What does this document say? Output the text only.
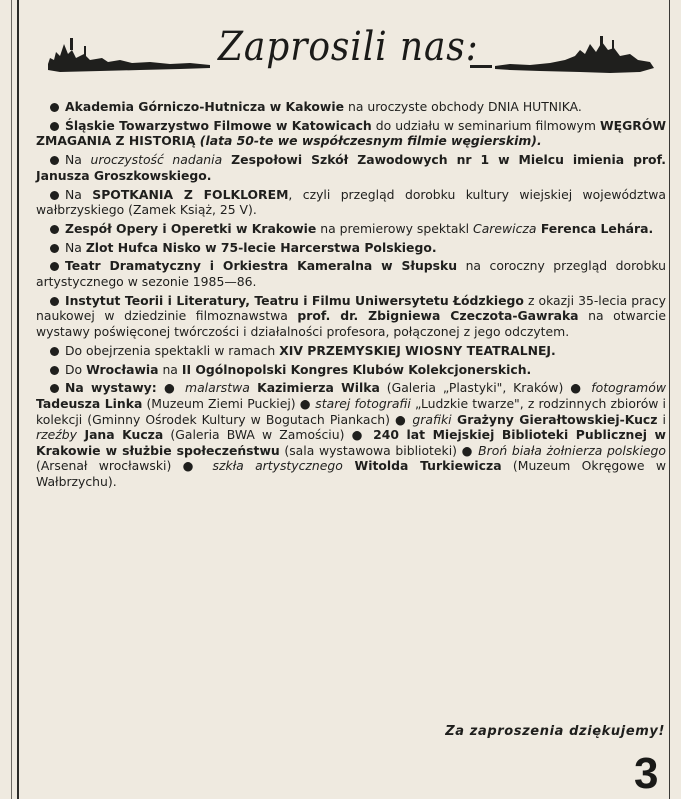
Zaprosili nas:

Akademia Górniczo-Hutnicza w Kakowie na uroczyste obchody DNIA HUTNIKA.

Śląskie Towarzystwo Filmowe w Katowicach do udziału w seminarium filmowym WĘGRÓW ZMAGANIA Z HISTORIĄ (lata 50-te we współczesnym filmie węgierskim).

Na uroczystość nadania Zespołowi Szkół Zawodowych nr 1 w Mielcu imienia prof. Janusza Groszkowskiego.

Na SPOTKANIA Z FOLKLOREM, czyli przegląd dorobku kultury wiejskiej województwa wałbrzyskiego (Zamek Książ, 25 V).

Zespół Opery i Operetki w Krakowie na premierowy spektakl Carewicza Ferenca Lehára.

Na Zlot Hufca Nisko w 75-lecie Harcerstwa Polskiego.

Teatr Dramatyczny i Orkiestra Kameralna w Słupsku na coroczny przegląd dorobku artystycznego w sezonie 1985—86.

Instytut Teorii i Literatury, Teatru i Filmu Uniwersytetu Łódzkiego z okazji 35-lecia pracy naukowej w dziedzinie filmoznawstwa prof. dr. Zbigniewa Czeczota-Gawraka na otwarcie wystawy poświęconej twórczości i działalności profesora, połączonej z jego odczytem.

Do obejrzenia spektakli w ramach XIV PRZEMYSKIEJ WIOSNY TEATRALNEJ.

Do Wrocławia na II Ogólnopolski Kongres Klubów Kolekcjonerskich.

Na wystawy: ● malarstwa Kazimierza Wilka (Galeria „Plastyki", Kraków) ● fotogramów Tadeusza Linka (Muzeum Ziemi Puckiej) ● starej fotografii „Ludzkie twarze", z rodzinnych zbiorów i kolekcji (Gminny Ośrodek Kultury w Bogutach Piankach) ● grafiki Grażyny Gierałtowskiej-Kucz i rzeźby Jana Kucza (Galeria BWA w Zamościu) ● 240 lat Miejskiej Biblioteki Publicznej w Krakowie w służbie społeczeństwu (sala wystawowa biblioteki) ● Broń biała żołnierza polskiego (Arsenał wrocławski) ● szkła artystycznego Witolda Turkiewicza (Muzeum Okręgowe w Wałbrzychu).

Za zaproszenia dziękujemy!
3
